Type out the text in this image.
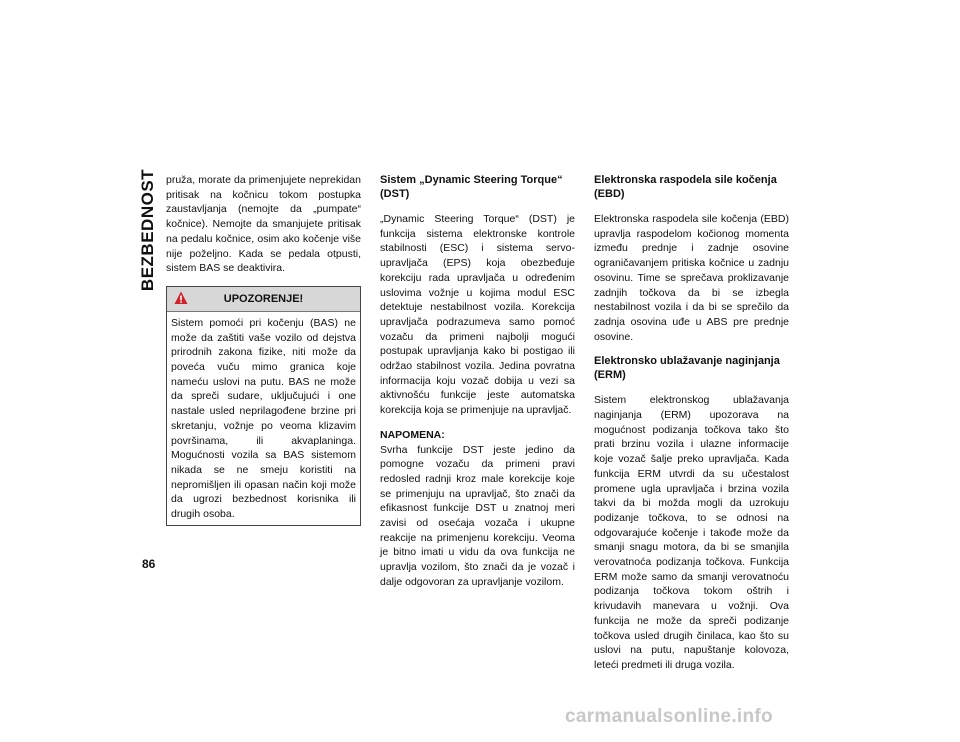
BEZBEDNOST pruža, morate da primenjujete neprekidan pritisak na kočnicu tokom postupka zaustavljanja (nemojte da „pumpate“ kočnice). Nemojte da smanjujete pritisak na pedalu kočnice, osim ako kočenje više nije poželjno. Kada se pedala otpusti, sistem BAS se deaktivira.

UPOZORENJE!

Sistem pomoći pri kočenju (BAS) ne može da zaštiti vaše vozilo od dejstva prirodnih zakona fizike, niti može da poveća vuču mimo granica koje nameću uslovi na putu. BAS ne može da spreči sudare, uključujući i one nastale usled neprilagođene brzine pri skretanju, vožnje po veoma klizavim površinama, ili akvaplaninga. Mogućnosti vozila sa BAS sistemom nikada se ne smeju koristiti na nepromišljen ili opasan način koji može da ugrozi bezbednost korisnika ili drugih osoba.

Sistem „Dynamic Steering Torque“ (DST)

„Dynamic Steering Torque“ (DST) je funkcija sistema elektronske kontrole stabilnosti (ESC) i sistema servo-upravljača (EPS) koja obezbeđuje korekciju rada upravljača u određenim uslovima vožnje u kojima modul ESC detektuje nestabilnost vozila. Korekcija upravljača podrazumeva samo pomoć vozaču da primeni najbolji mogući postupak upravljanja kako bi postigao ili održao stabilnost vozila. Jedina povratna informacija koju vozač dobija u vezi sa aktivnošću funkcije jeste automatska korekcija koja se primenjuje na upravljač.

NAPOMENA:
Svrha funkcije DST jeste jedino da pomogne vozaču da primeni pravi redosled radnji kroz male korekcije koje se primenjuju na upravljač, što znači da efikasnost funkcije DST u znatnoj meri zavisi od osećaja vozača i ukupne reakcije na primenjenu korekciju. Veoma je bitno imati u vidu da ova funkcija ne upravlja vozilom, što znači da je vozač i dalje odgovoran za upravljanje vozilom.

Elektronska raspodela sile kočenja (EBD)

Elektronska raspodela sile kočenja (EBD) upravlja raspodelom kočionog momenta između prednje i zadnje osovine ograničavanjem pritiska kočnice u zadnju osovinu. Time se sprečava proklizavanje zadnjih točkova da bi se izbegla nestabilnost vozila i da bi se sprečilo da zadnja osovina uđe u ABS pre prednje osovine.

Elektronsko ublažavanje naginjanja (ERM)

Sistem elektronskog ublažavanja naginjanja (ERM) upozorava na mogućnost podizanja točkova tako što prati brzinu vozila i ulazne informacije koje vozač šalje preko upravljača. Kada funkcija ERM utvrdi da su učestalost promene ugla upravljača i brzina vozila takvi da bi možda mogli da uzrokuju podizanje točkova, to se odnosi na odgovarajuće kočenje i takođe može da smanji snagu motora, da bi se smanjila verovatnoća podizanja točkova. Funkcija ERM može samo da smanji verovatnoću podizanja točkova tokom oštrih i krivudavih manevara u vožnji. Ova funkcija ne može da spreči podizanje točkova usled drugih činilaca, kao što su uslovi na putu, napuštanje kolovoza, leteći predmeti ili druga vozila.

86
carmanualsonline.info
